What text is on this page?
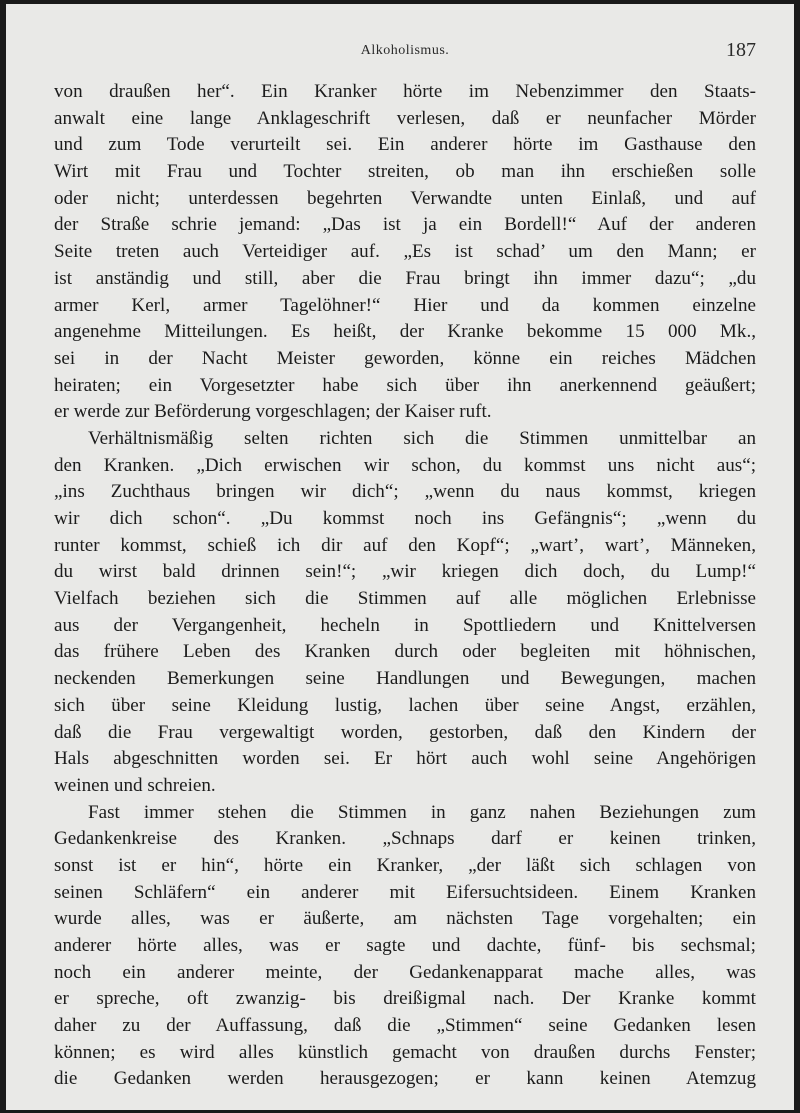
Alkoholismus.	187
von draußen her“. Ein Kranker hörte im Nebenzimmer den Staats-
anwalt eine lange Anklageschrift verlesen, daß er neunfacher Mörder
und zum Tode verurteilt sei. Ein anderer hörte im Gasthause den
Wirt mit Frau und Tochter streiten, ob man ihn erschießen solle
oder nicht; unterdessen begehrten Verwandte unten Einlaß, und auf
der Straße schrie jemand: „Das ist ja ein Bordell!“ Auf der anderen
Seite treten auch Verteidiger auf. „Es ist schad’ um den Mann; er
ist anständig und still, aber die Frau bringt ihn immer dazu“; „du
armer Kerl, armer Tagelöhner!“ Hier und da kommen einzelne
angenehme Mitteilungen. Es heißt, der Kranke bekomme 15 000 Mk.,
sei in der Nacht Meister geworden, könne ein reiches Mädchen
heiraten; ein Vorgesetzter habe sich über ihn anerkennend geäußert;
er werde zur Beförderung vorgeschlagen; der Kaiser ruft.
Verhältnismäßig selten richten sich die Stimmen unmittelbar an
den Kranken. „Dich erwischen wir schon, du kommst uns nicht aus“;
„ins Zuchthaus bringen wir dich“; „wenn du naus kommst, kriegen
wir dich schon“. „Du kommst noch ins Gefängnis“; „wenn du
runter kommst, schieß ich dir auf den Kopf“; „wart’, wart’, Männeken,
du wirst bald drinnen sein!“; „wir kriegen dich doch, du Lump!“
Vielfach beziehen sich die Stimmen auf alle möglichen Erlebnisse
aus der Vergangenheit, hecheln in Spottliedern und Knittelversen
das frühere Leben des Kranken durch oder begleiten mit höhnischen,
neckenden Bemerkungen seine Handlungen und Bewegungen, machen
sich über seine Kleidung lustig, lachen über seine Angst, erzählen,
daß die Frau vergewaltigt worden, gestorben, daß den Kindern der
Hals abgeschnitten worden sei. Er hört auch wohl seine Angehörigen
weinen und schreien.
Fast immer stehen die Stimmen in ganz nahen Beziehungen zum
Gedankenkreise des Kranken. „Schnaps darf er keinen trinken,
sonst ist er hin“, hörte ein Kranker, „der läßt sich schlagen von
seinen Schläfern“ ein anderer mit Eifersuchtsideen. Einem Kranken
wurde alles, was er äußerte, am nächsten Tage vorgehalten; ein
anderer hörte alles, was er sagte und dachte, fünf- bis sechsmal;
noch ein anderer meinte, der Gedankenapparat mache alles, was
er spreche, oft zwanzig- bis dreißigmal nach. Der Kranke kommt
daher zu der Auffassung, daß die „Stimmen“ seine Gedanken lesen
können; es wird alles künstlich gemacht von draußen durchs Fenster;
die Gedanken werden herausgezogen; er kann keinen Atemzug
